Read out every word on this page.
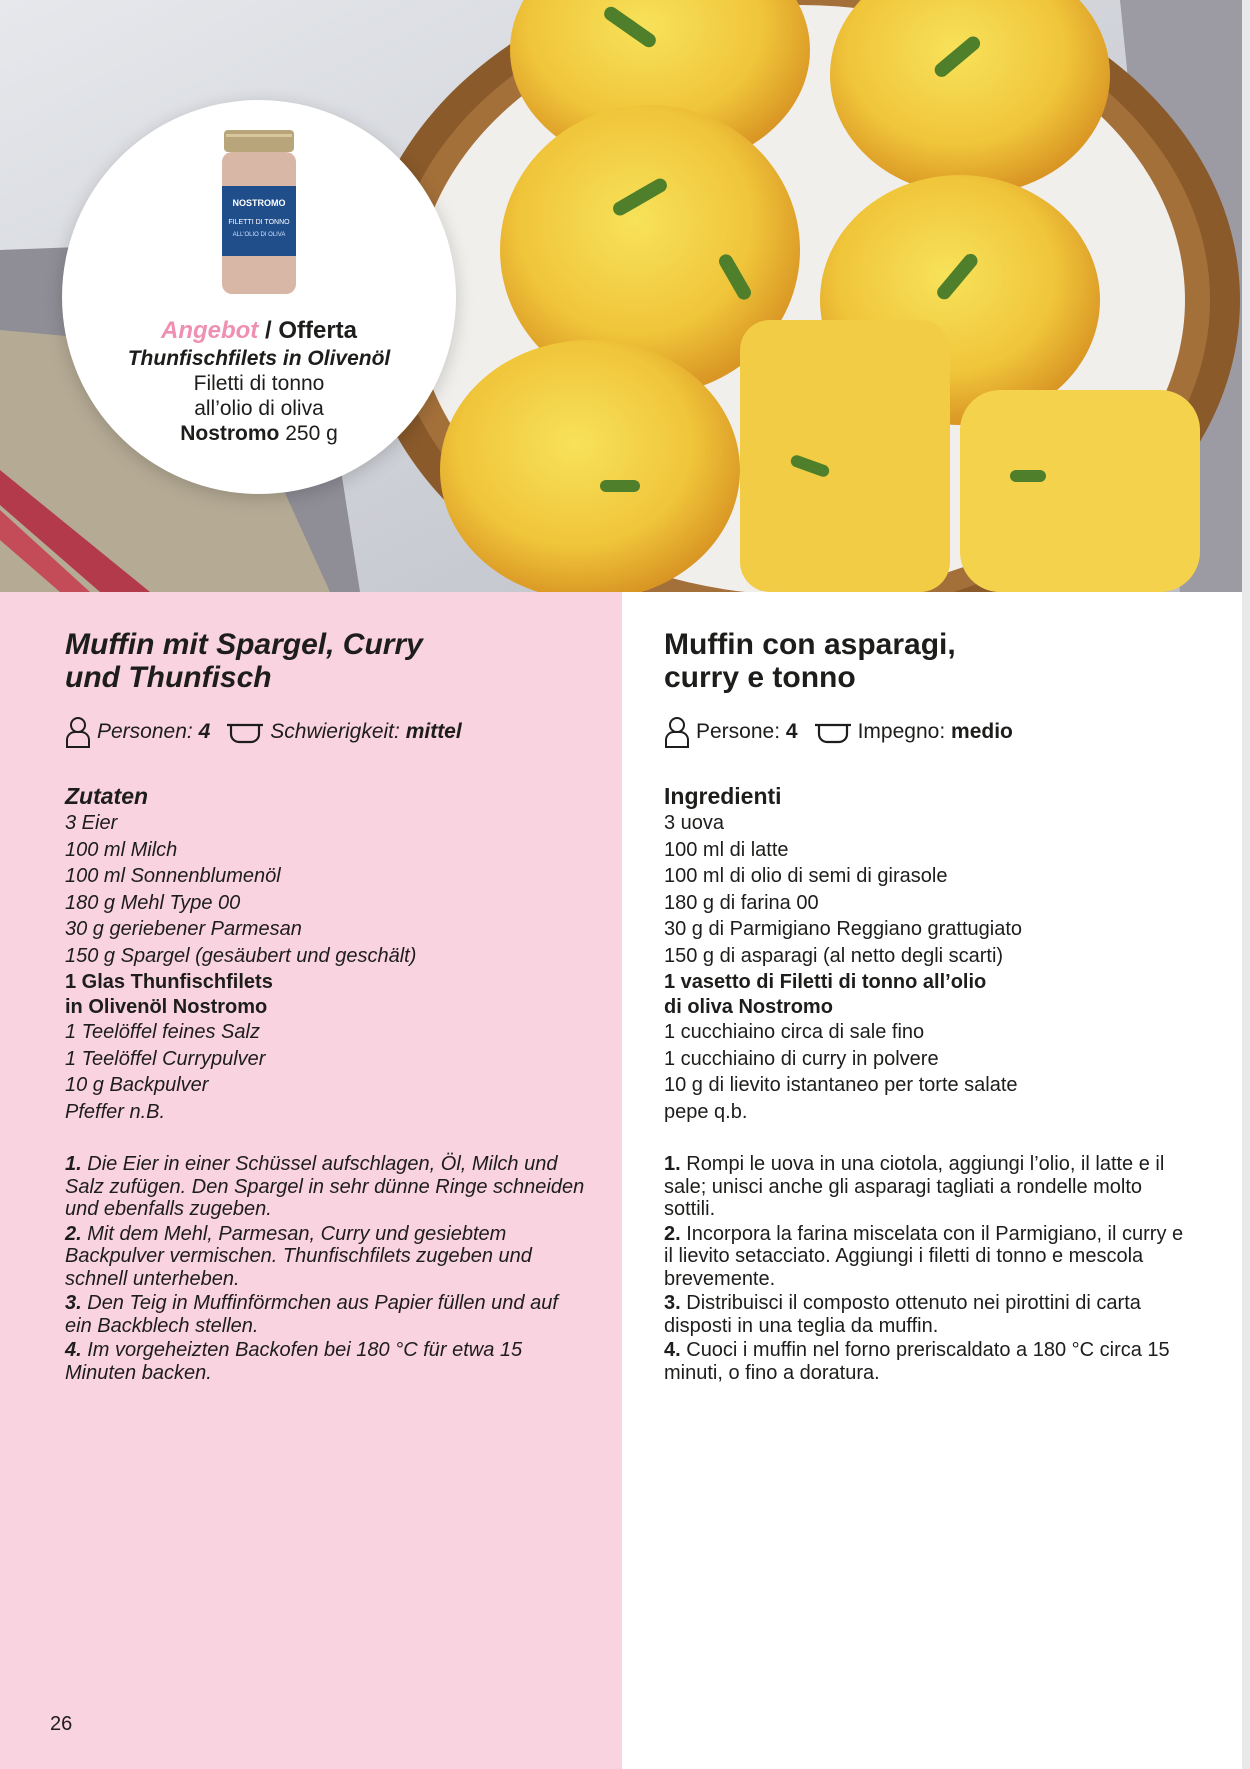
NOSTROMO
FILETTI DI TONNO
ALL'OLIO DI OLIVA
Angebot / Offerta
Thunfischfilets in Olivenöl
Filetti di tonno
all’olio di oliva
Nostromo 250 g
Muffin mit Spargel, Curry
und Thunfisch
Personen :
4	Schwierigkeit :
mittel
Zutaten
3 Eier
100 ml Milch
100 ml Sonnenblumenöl
180 g Mehl Type 00
30 g geriebener Parmesan
150 g Spargel (gesäubert und geschält)
1 Glas Thunfischfilets
in Olivenöl Nostromo
1 Teelöffel feines Salz
1 Teelöffel Currypulver
10 g Backpulver
Pfeffer n.B.
1. Die Eier in einer Schüssel aufschlagen, Öl, Milch und Salz zufügen. Den Spargel in sehr dünne Ringe schneiden und ebenfalls zugeben.
2. Mit dem Mehl, Parmesan, Curry und gesiebtem Backpulver vermischen. Thunfischfilets zugeben und schnell unterheben.
3. Den Teig in Muffinförmchen aus Papier füllen und auf ein Backblech stellen.
4. Im vorgeheizten Backofen bei 180 °C für etwa 15 Minuten backen.
Muffin con asparagi,
curry e tonno
Persone :
4	Impegno :
medio
Ingredienti
3 uova
100 ml di latte
100 ml di olio di semi di girasole
180 g di farina 00
30 g di Parmigiano Reggiano grattugiato
150 g di asparagi (al netto degli scarti)
1 vasetto di Filetti di tonno all’olio
di oliva Nostromo
1 cucchiaino circa di sale fino
1 cucchiaino di curry in polvere
10 g di lievito istantaneo per torte salate
pepe q.b.
1. Rompi le uova in una ciotola, aggiungi l’olio, il latte e il sale; unisci anche gli asparagi tagliati a rondelle molto sottili.
2. Incorpora la farina miscelata con il Parmigiano, il curry e il lievito setacciato. Aggiungi i filetti di tonno e mescola brevemente.
3. Distribuisci il composto ottenuto nei pirottini di carta disposti in una teglia da muffin.
4. Cuoci i muffin nel forno preriscaldato a 180 °C circa 15 minuti, o fino a doratura.
26
